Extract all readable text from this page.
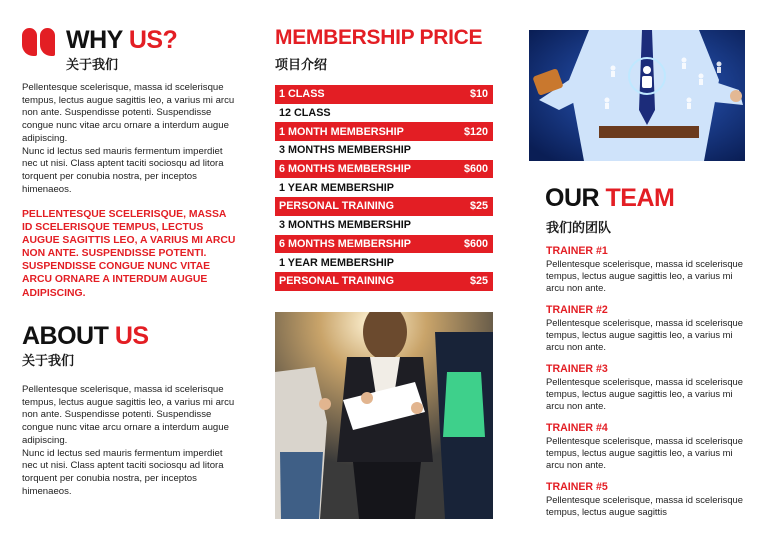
WHY US?
关于我们

Pellentesque scelerisque, massa id scelerisque tempus, lectus augue sagittis leo, a varius mi arcu non ante. Suspendisse potenti. Suspendisse congue nunc vitae arcu ornare a interdum augue adipiscing.
Nunc id lectus sed mauris fermentum imperdiet nec ut nisi. Class aptent taciti sociosqu ad litora torquent per conubia nostra, per inceptos himenaeos.

PELLENTESQUE SCELERISQUE, MASSA ID SCELERISQUE TEMPUS, LECTUS AUGUE SAGITTIS LEO, A VARIUS MI ARCU NON ANTE. SUSPENDISSE POTENTI. SUSPENDISSE CONGUE NUNC VITAE ARCU ORNARE A INTERDUM AUGUE ADIPISCING.

ABOUT US
关于我们

Pellentesque scelerisque, massa id scelerisque tempus, lectus augue sagittis leo, a varius mi arcu non ante. Suspendisse potenti. Suspendisse congue nunc vitae arcu ornare a interdum augue adipiscing.
Nunc id lectus sed mauris fermentum imperdiet nec ut nisi. Class aptent taciti sociosqu ad litora torquent per conubia nostra, per inceptos himenaeos.

MEMBERSHIP PRICE
项目介绍
1 CLASS	$10
12 CLASS
1 MONTH MEMBERSHIP	$120
3 MONTHS MEMBERSHIP
6 MONTHS MEMBERSHIP	$600
1 YEAR MEMBERSHIP
PERSONAL TRAINING	$25
3 MONTHS MEMBERSHIP
6 MONTHS MEMBERSHIP	$600
1 YEAR MEMBERSHIP
PERSONAL TRAINING	$25
OUR TEAM
我们的团队
TRAINER #1
Pellentesque scelerisque, massa id scelerisque tempus, lectus augue sagittis leo, a varius mi arcu non ante.
TRAINER #2
Pellentesque scelerisque, massa id scelerisque tempus, lectus augue sagittis leo, a varius mi arcu non ante.
TRAINER #3
Pellentesque scelerisque, massa id scelerisque tempus, lectus augue sagittis leo, a varius mi arcu non ante.
TRAINER #4
Pellentesque scelerisque, massa id scelerisque tempus, lectus augue sagittis leo, a varius mi arcu non ante.
TRAINER #5
Pellentesque scelerisque, massa id scelerisque tempus, lectus augue sagittis
